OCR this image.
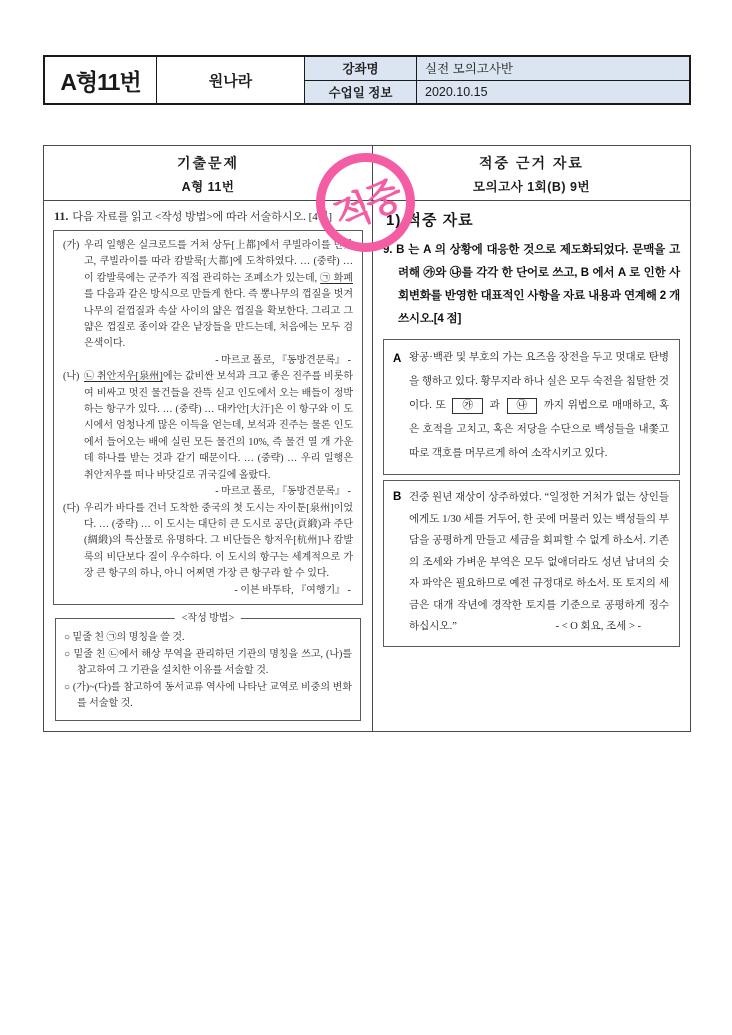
A형11번	원나라
강좌명
수업일 정보
실전 모의고사반
2020.10.15
기출문제
A형 11번
11. 다음 자료를 읽고 <작성 방법>에 따라 서술하시오. [4점]
(가) 우리 일행은 실크로드를 거쳐 상두[上都]에서 쿠빌라이를 만났고, 쿠빌라이를 따라 캄발룩[大都]에 도착하였다. … (중략) … 이 캄발룩에는 군주가 직접 관리하는 조폐소가 있는데, ㉠ 화폐를 다음과 같은 방식으로 만들게 한다. 즉 뽕나무의 껍질을 벗겨 나무의 겉껍질과 속살 사이의 얇은 껍질을 확보한다. 그리고 그 얇은 껍질로 종이와 같은 낱장들을 만드는데, 처음에는 모두 검은색이다.
- 마르코 폴로, 『동방견문록』 -
(나) ㉡ 취안저우[泉州]에는 값비싼 보석과 크고 좋은 진주를 비롯하여 비싸고 멋진 물건들을 잔뜩 싣고 인도에서 오는 배들이 정박하는 항구가 있다. … (중략) … 대카안[大汗]은 이 항구와 이 도시에서 엄청나게 많은 이득을 얻는데, 보석과 진주는 물론 인도에서 들어오는 배에 실린 모든 물건의 10%, 즉 물건 열 개 가운데 하나를 받는 것과 같기 때문이다. … (중략) … 우리 일행은 취안저우를 떠나 바닷길로 귀국길에 올랐다.
- 마르코 폴로, 『동방견문록』 -
(다) 우리가 바다를 건너 도착한 중국의 첫 도시는 자이툰[泉州]이었다. … (중략) … 이 도시는 대단히 큰 도시로 공단(貢緞)과 주단(綢緞)의 특산물로 유명하다. 그 비단들은 항저우[杭州]나 캄발룩의 비단보다 질이 우수하다. 이 도시의 항구는 세계적으로 가장 큰 항구의 하나, 아니 어쩌면 가장 큰 항구라 할 수 있다.
- 이븐 바투타, 『여행기』 -
<작성 방법>
○ 밑줄 친 ㉠의 명칭을 쓸 것.
○ 밑줄 친 ㉡에서 해상 무역을 관리하던 기관의 명칭을 쓰고, (나)를 참고하여 그 기관을 설치한 이유를 서술할 것.
○ (가)~(다)를 참고하여 동서교류 역사에 나타난 교역로 비중의 변화를 서술할 것.
적중 근거 자료
모의고사 1회(B) 9번
1) 적중 자료
9. B 는 A 의 상황에 대응한 것으로 제도화되었다. 문맥을 고려해 ㉮와 ㉯를 각각 한 단어로 쓰고, B 에서 A 로 인한 사회변화를 반영한 대표적인 사항을 자료 내용과 연계해 2 개 쓰시오.[4 점]
A 왕공·백관 및 부호의 가는 요즈음 장전을 두고 멋대로 탄병을 행하고 있다. 황무지라 하나 실은 모두 숙전을 침탈한 것이다. 또 ㉮ 과 ㉯ 까지 위법으로 매매하고, 혹은 호적을 고치고, 혹은 저당을 수단으로 백성들을 내쫓고 따로 객호를 머무르게 하여 소작시키고 있다.
B 건중 원년 재상이 상주하였다. “일정한 거처가 없는 상인들에게도 1/30 세를 거두어, 한 곳에 머물러 있는 백성들의 부담을 공평하게 만들고 세금을 회피할 수 없게 하소서. 기존의 조세와 가벼운 부역은 모두 없애더라도 성년 남녀의 숫자 파악은 필요하므로 예전 규정대로 하소서. 또 토지의 세금은 대개 작년에 경작한 토지를 기준으로 공평하게 징수하십시오.”	- < O 회요, 조세 > -
적중
